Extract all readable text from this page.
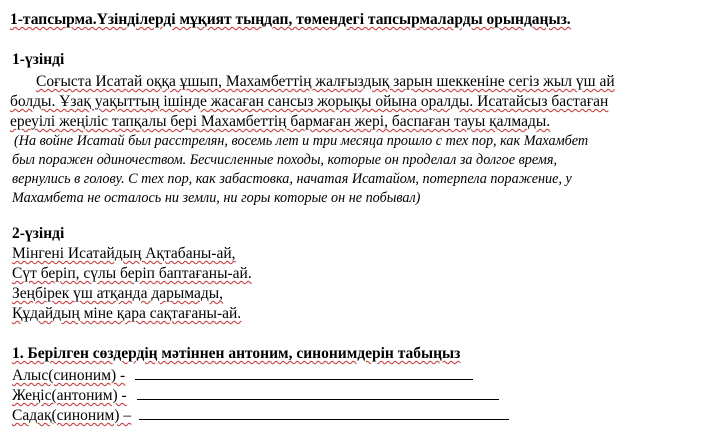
1-тапсырма.Үзінділерді мұқият тыңдап, төмендегі тапсырмаларды орындаңыз.
1-үзінді
Соғыста Исатай оққа ұшып, Махамбеттің жалғыздық зарын шеккеніне сегіз жыл үш ай
болды. Ұзақ уақыттың ішінде жасаған сансыз жорықы ойына оралды. Исатайсыз бастаған
ереуілі жеңіліс тапқалы бері Махамбеттің бармаған жері, баспаған тауы қалмады.
(На войне Исатай был расстрелян, восемь лет и три месяца прошло с тех пор, как Махамбет
был поражен одиночеством. Бесчисленные походы, которые он проделал за долгое время,
вернулись в голову. С тех пор, как забастовка, начатая Исатайом, потерпела поражение, у
Махамбета не осталось ни земли, ни горы которые он не побывал)
2-үзінді
Мінгені Исатайдың Ақтабаны-ай,
Сүт беріп, сүлы беріп баптағаны-ай.
Зеңбірек үш атқанда дарымады,
Құдайдың міне қара сақтағаны-ай.
1. Берілген сөздердің мәтіннен антоним, синонимдерін табыңыз
Алыс(синоним) -
Жеңіс(антоним) -
Садақ(синоним) –
